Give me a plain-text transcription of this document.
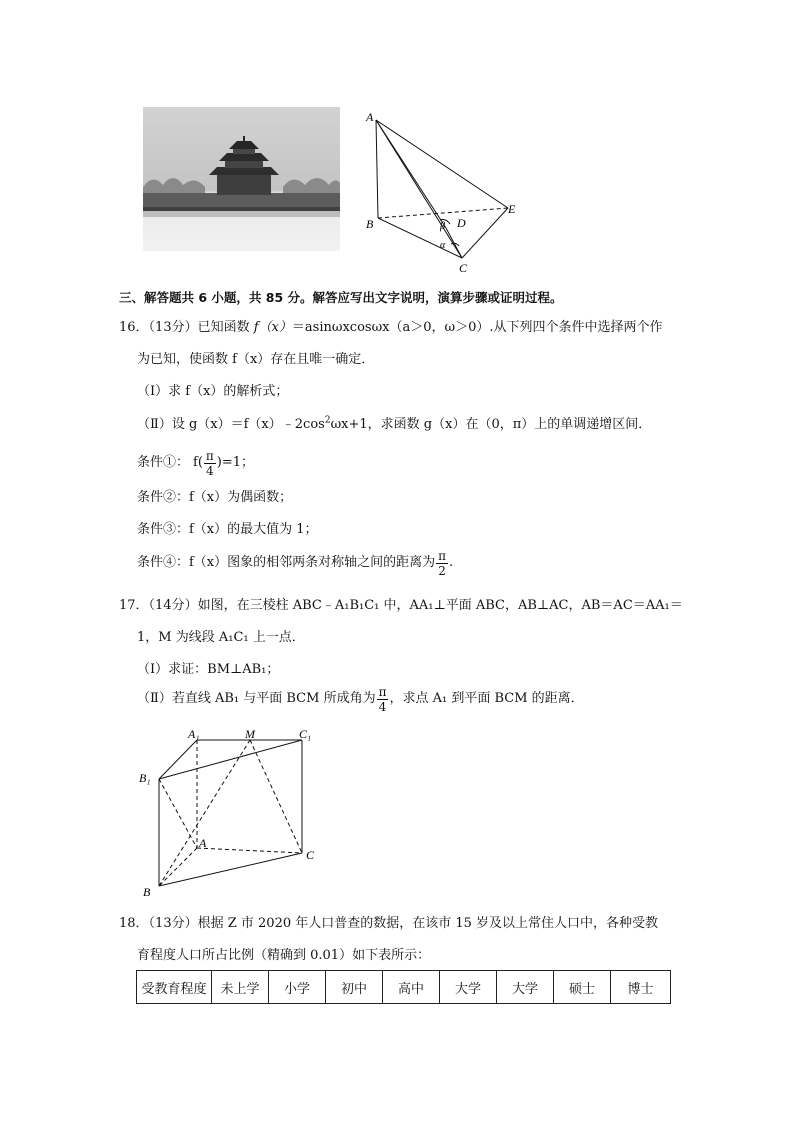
A
B
C
D
E
β
α
三、解答题共 6 小题，共 85 分。解答应写出文字说明，演算步骤或证明过程。
16．（13分）已知函数 f（x）＝asinωxcosωx（a＞0，ω＞0）.从下列四个条件中选择两个作
为已知，使函数 f（x）存在且唯一确定．
（Ⅰ）求 f（x）的解析式；
（Ⅱ）设 $g(x)=f(x)﹣2\cos^2\omega x+1$，求函数 g（x）在（0，π）上的单调递增区间．
条件①： $f( \frac{\pi}{4} )=1$；
条件②：f（x）为偶函数；
条件③：f（x）的最大值为 1；
条件④：f（x）图象的相邻两条对称轴之间的距离为 $\frac{\pi}{2}$ .
17．（14分）如图，在三棱柱 ABC﹣A₁B₁C₁ 中，AA₁⊥平面 ABC，AB⊥AC，AB＝AC＝AA₁＝
1，M 为线段 A₁C₁ 上一点．
（Ⅰ）求证：BM⊥AB₁；
（Ⅱ）若直线 AB₁ 与平面 BCM 所成角为 $\frac{\pi}{4}$ ，求点 A₁ 到平面 BCM 的距离．
A₁	M	C₁
B₁
A
C
B
18．（13分）根据 Z 市 2020 年人口普查的数据，在该市 15 岁及以上常住人口中，各种受教
育程度人口所占比例（精确到 0.01）如下表所示：
受教育程度	未上学	小学	初中	高中	大学	大学	硕士	博士
